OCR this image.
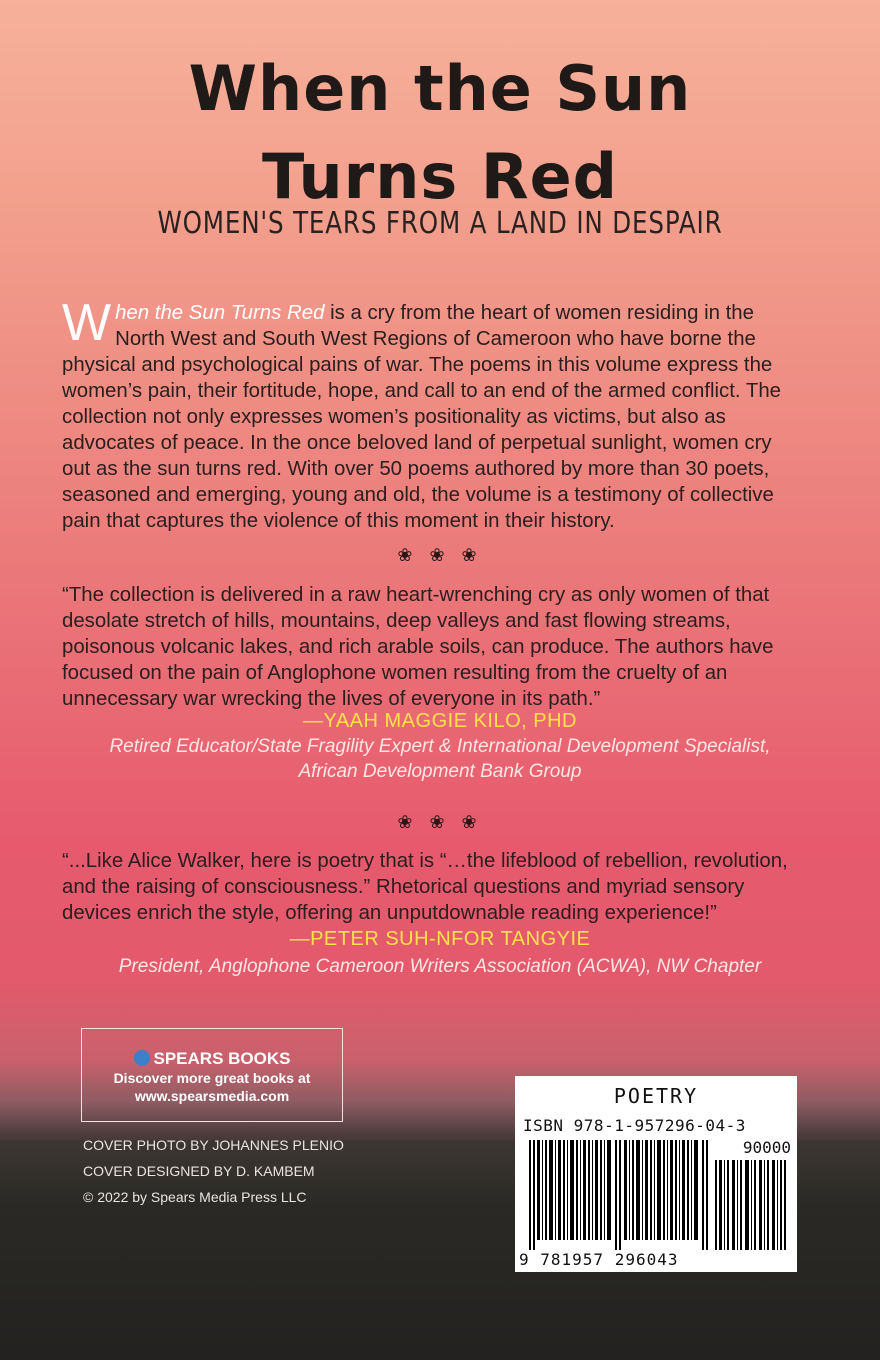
When the Sun
Turns Red
WOMEN'S TEARS FROM A LAND IN DESPAIR
When the Sun Turns Red is a cry from the heart of women residing in the North West and South West Regions of Cameroon who have borne the physical and psychological pains of war. The poems in this volume express the women’s pain, their fortitude, hope, and call to an end of the armed conflict. The collection not only expresses women’s positionality as victims, but also as advocates of peace. In the once beloved land of perpetual sunlight, women cry out as the sun turns red. With over 50 poems authored by more than 30 poets, seasoned and emerging, young and old, the volume is a testimony of collective pain that captures the violence of this moment in their history.
❀ ❀ ❀
“The collection is delivered in a raw heart-wrenching cry as only women of that desolate stretch of hills, mountains, deep valleys and fast flowing streams, poisonous volcanic lakes, and rich arable soils, can produce. The authors have focused on the pain of Anglophone women resulting from the cruelty of an unnecessary war wrecking the lives of everyone in its path.”
—YAAH MAGGIE KILO, PHD
Retired Educator/State Fragility Expert & International Development Specialist,
African Development Bank Group
❀ ❀ ❀
“...Like Alice Walker, here is poetry that is “…the lifeblood of rebellion, revolution, and the raising of consciousness.” Rhetorical questions and myriad sensory devices enrich the style, offering an unputdownable reading experience!”
—PETER SUH-NFOR TANGYIE
President, Anglophone Cameroon Writers Association (ACWA), NW Chapter
SPEARS BOOKS
Discover more great books at
www.spearsmedia.com
COVER PHOTO BY JOHANNES PLENIO
COVER DESIGNED BY D. KAMBEM
© 2022 by Spears Media Press LLC
POETRY
ISBN 978-1-957296-04-3
90000
9 781957 296043
